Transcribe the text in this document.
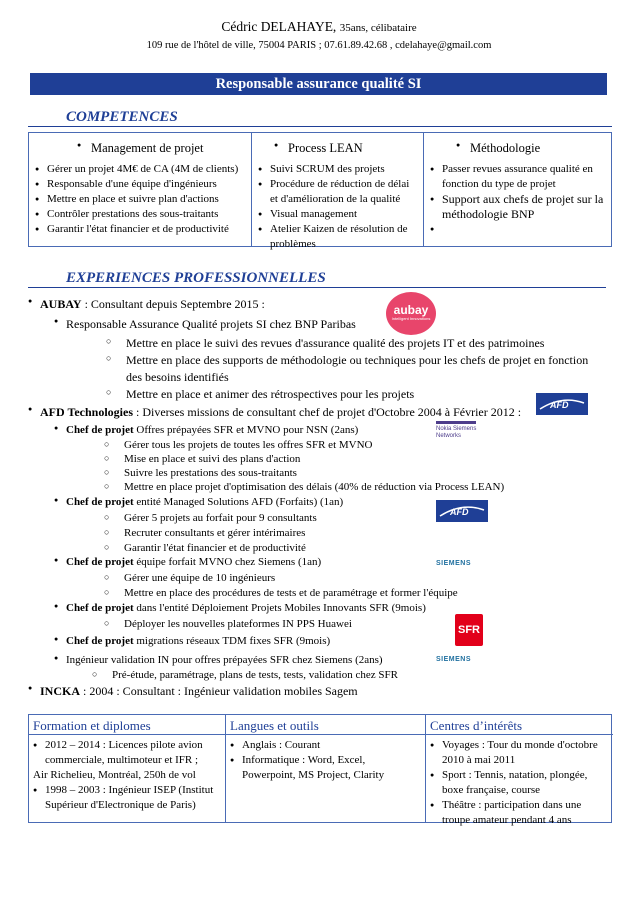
Cédric DELAHAYE, 35ans, célibataire
109 rue de l'hôtel de ville, 75004 PARIS ; 07.61.89.42.68 , cdelahaye@gmail.com
Responsable assurance qualité SI
COMPETENCES
● Management de projet
● Gérer un projet 4M€ de CA (4M de clients)
● Responsable d'une équipe d'ingénieurs
● Mettre en place et suivre plan d'actions
● Contrôler prestations des sous-traitants
● Garantir l'état financier et de productivité
● Process LEAN
● Suivi SCRUM des projets
● Procédure de réduction de délai et d'amélioration de la qualité
● Visual management
● Atelier Kaizen de résolution de problèmes
● Méthodologie
● Passer revues assurance qualité en fonction du type de projet
● Support aux chefs de projet sur la méthodologie BNP
EXPERIENCES PROFESSIONNELLES
● AUBAY : Consultant depuis Septembre 2015 :
● Responsable Assurance Qualité projets SI chez BNP Paribas
○ Mettre en place le suivi des revues d'assurance qualité des projets IT et des patrimoines
○ Mettre en place des supports de méthodologie ou techniques pour les chefs de projet en fonction
des besoins identifiés
○ Mettre en place et animer des rétrospectives pour les projets
● AFD Technologies : Diverses missions de consultant chef de projet d'Octobre 2004 à Février 2012 :
● Chef de projet Offres prépayées SFR et MVNO pour NSN (2ans)
○ Gérer tous les projets de toutes les offres SFR et MVNO
○ Mise en place et suivi des plans d'action
○ Suivre les prestations des sous-traitants
○ Mettre en place projet d'optimisation des délais (40% de réduction via Process LEAN)
● Chef de projet entité Managed Solutions AFD (Forfaits) (1an)
○ Gérer 5 projets au forfait pour 9 consultants
○ Recruter consultants et gérer intérimaires
○ Garantir l'état financier et de productivité
● Chef de projet équipe forfait MVNO chez Siemens (1an)
○ Gérer une équipe de 10 ingénieurs
○ Mettre en place des procédures de tests et de paramétrage et former l'équipe
● Chef de projet dans l'entité Déploiement Projets Mobiles Innovants SFR (9mois)
○ Déployer les nouvelles plateformes IN PPS Huawei
● Chef de projet migrations réseaux TDM fixes SFR (9mois)
● Ingénieur validation IN pour offres prépayées SFR chez Siemens (2ans)
○ Pré-étude, paramétrage, plans de tests, tests, validation chez SFR
● INCKA : 2004 : Consultant : Ingénieur validation mobiles Sagem
aubay
Intelligent Innovations
AFD
Nokia Siemens Networks
AFD
SIEMENS
SFR
SIEMENS
Formation et diplomes
● 2012 – 2014 : Licences pilote avion commerciale, multimoteur et IFR ;
Air Richelieu, Montréal, 250h de vol
● 1998 – 2003 : Ingénieur ISEP (Institut Supérieur d'Electronique de Paris)
Langues et outils
● Anglais : Courant
● Informatique : Word, Excel, Powerpoint, MS Project, Clarity
Centres d’intérêts
● Voyages : Tour du monde d'octobre 2010 à mai 2011
● Sport : Tennis, natation, plongée, boxe française, course
● Théâtre : participation dans une troupe amateur pendant 4 ans
